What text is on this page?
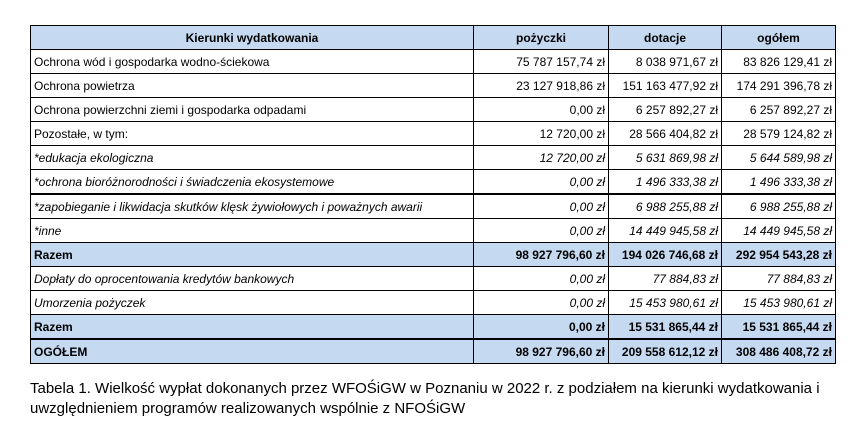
Kierunki wydatkowania	pożyczki	dotacje	ogółem
Ochrona wód i gospodarka wodno-ściekowa	75 787 157,74 zł	8 038 971,67 zł	83 826 129,41 zł
Ochrona powietrza	23 127 918,86 zł	151 163 477,92 zł	174 291 396,78 zł
Ochrona powierzchni ziemi i gospodarka odpadami	0,00 zł	6 257 892,27 zł	6 257 892,27 zł
Pozostałe, w tym:	12 720,00 zł	28 566 404,82 zł	28 579 124,82 zł
*edukacja ekologiczna	12 720,00 zł	5 631 869,98 zł	5 644 589,98 zł
*ochrona bioróżnorodności i świadczenia ekosystemowe	0,00 zł	1 496 333,38 zł	1 496 333,38 zł
*zapobieganie i likwidacja skutków klęsk żywiołowych i poważnych awarii	0,00 zł	6 988 255,88 zł	6 988 255,88 zł
*inne	0,00 zł	14 449 945,58 zł	14 449 945,58 zł
Razem	98 927 796,60 zł	194 026 746,68 zł	292 954 543,28 zł
Dopłaty do oprocentowania kredytów bankowych	0,00 zł	77 884,83 zł	77 884,83 zł
Umorzenia pożyczek	0,00 zł	15 453 980,61 zł	15 453 980,61 zł
Razem	0,00 zł	15 531 865,44 zł	15 531 865,44 zł
OGÓŁEM	98 927 796,60 zł	209 558 612,12 zł	308 486 408,72 zł
Tabela 1. Wielkość wypłat dokonanych przez WFOŚiGW w Poznaniu w 2022 r. z podziałem na kierunki wydatkowania i uwzględnieniem programów realizowanych wspólnie z NFOŚiGW
